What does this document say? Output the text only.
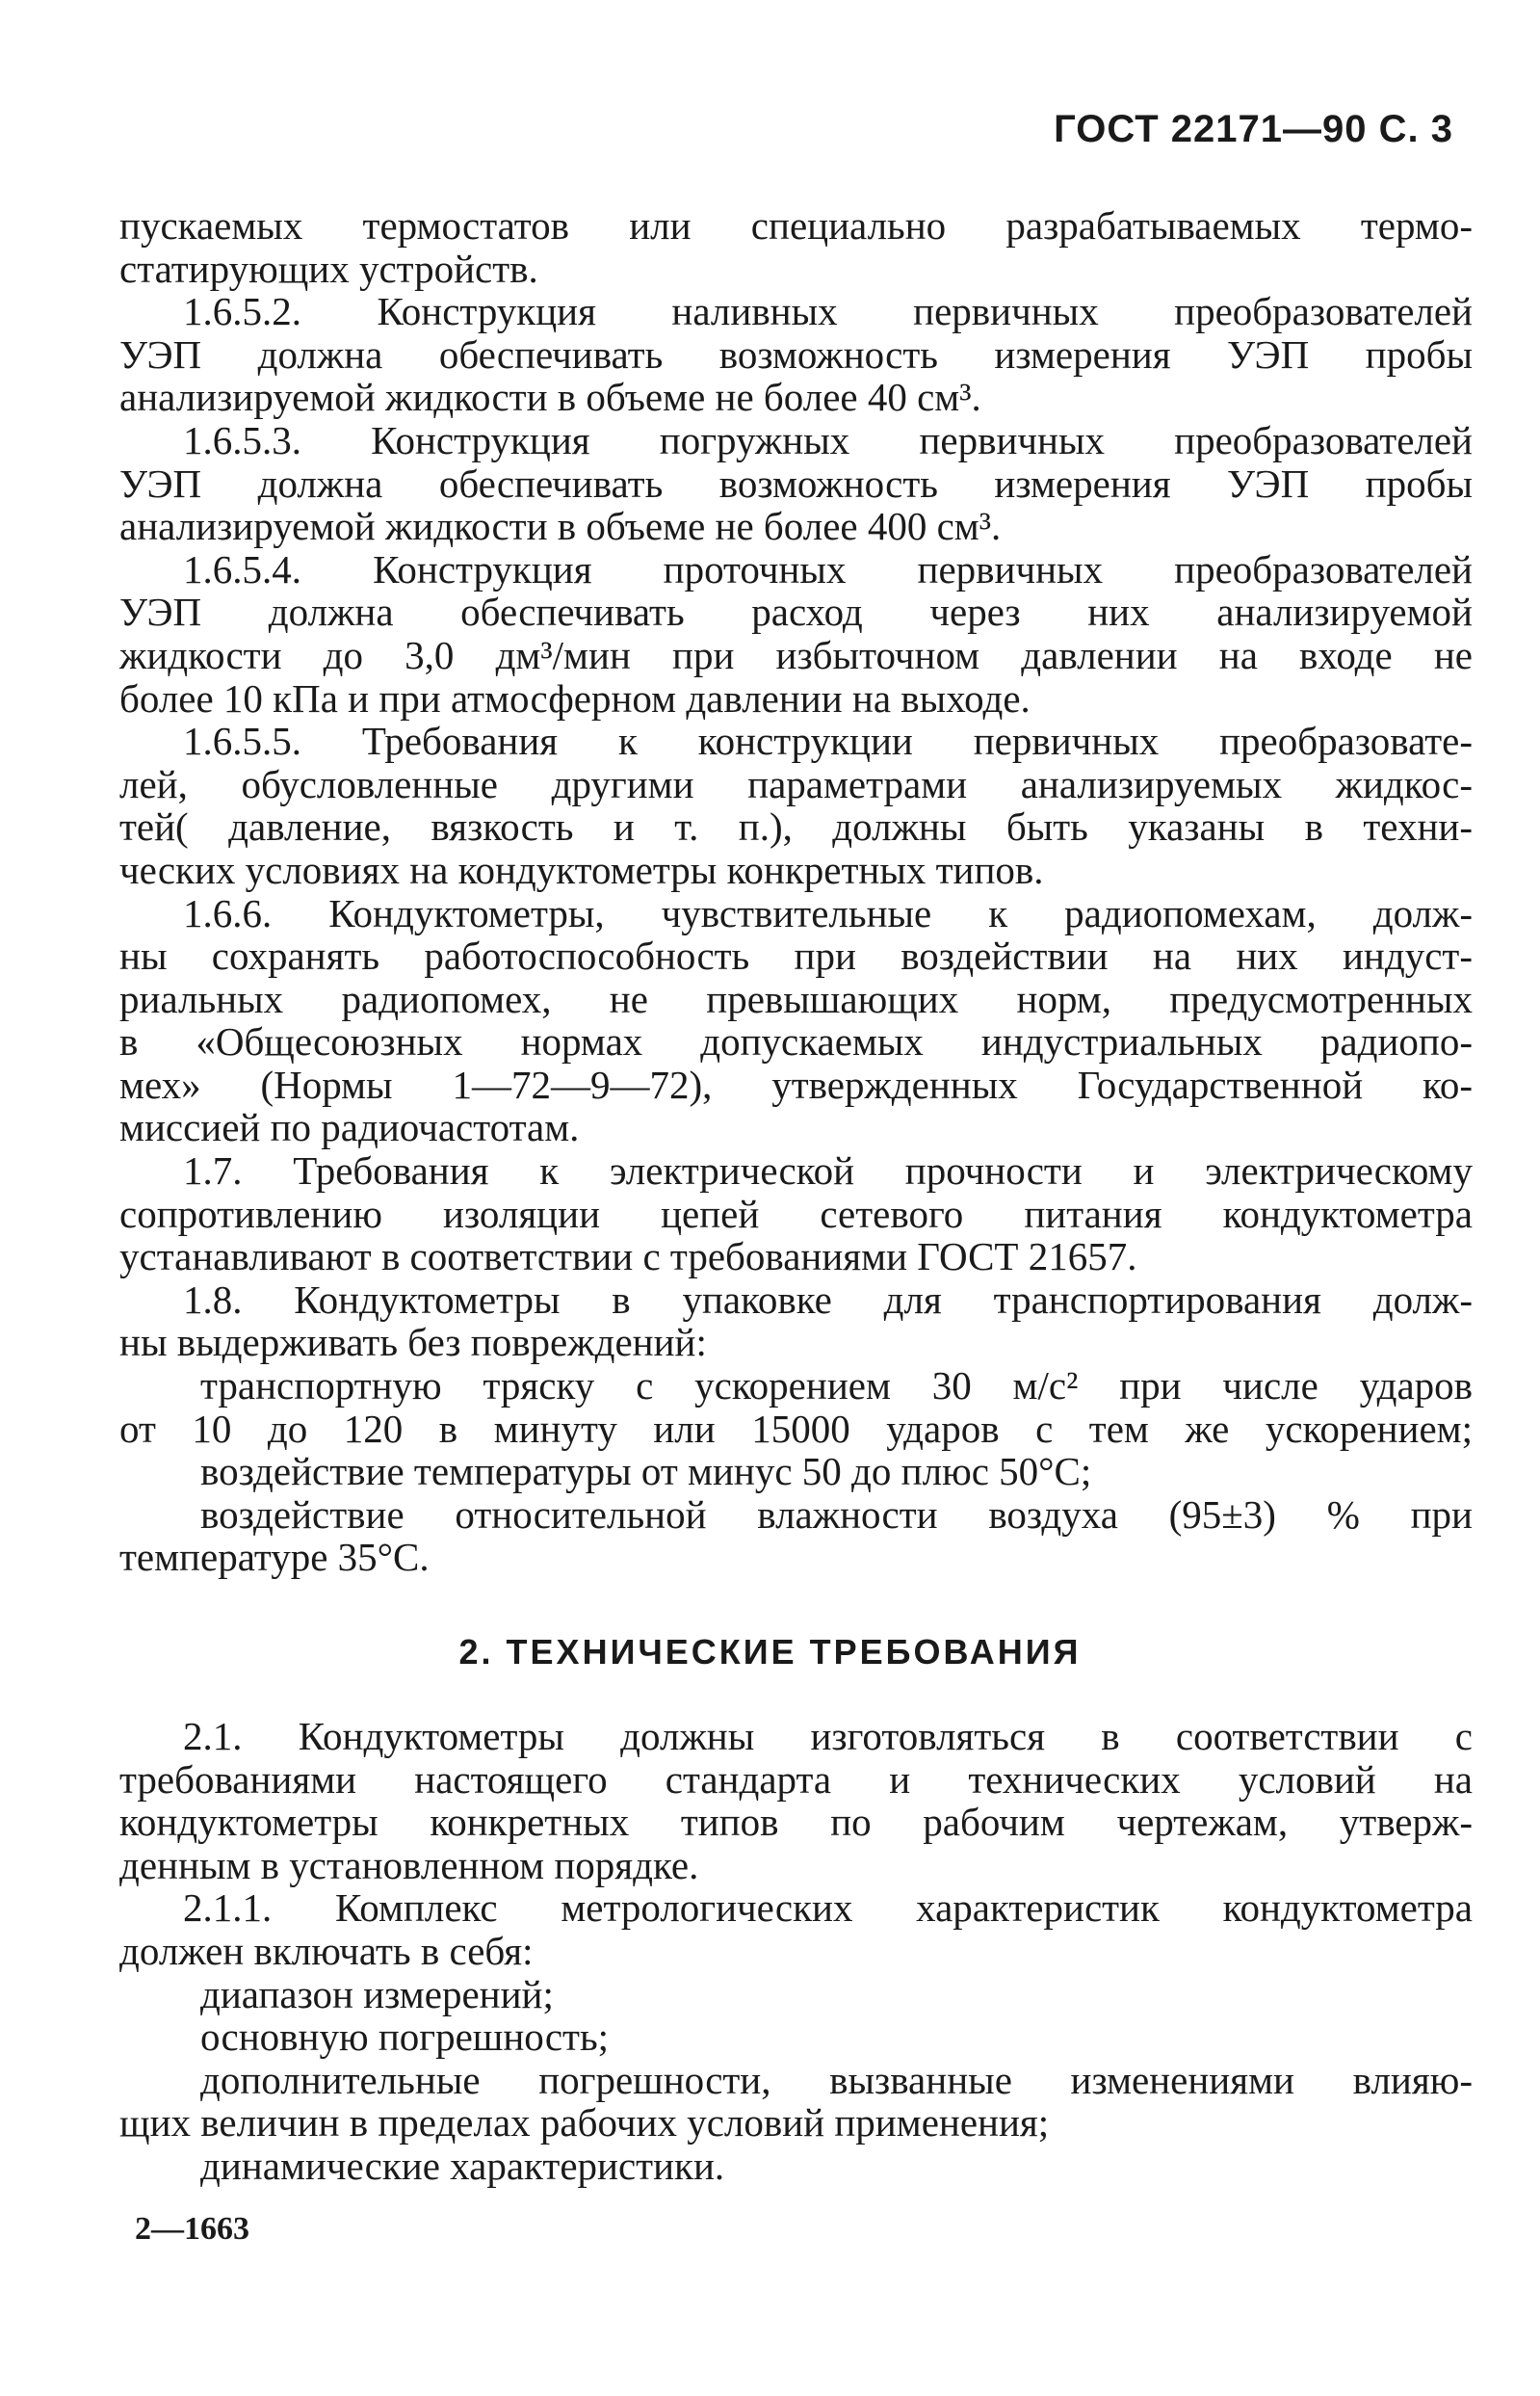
ГОСТ 22171—90 С. 3
пускаемых термостатов или специально разрабатываемых термо-
статирующих устройств.
1.6.5.2. Конструкция наливных первичных преобразователей
УЭП должна обеспечивать возможность измерения УЭП пробы
анализируемой жидкости в объеме не более 40 см³.
1.6.5.3. Конструкция погружных первичных преобразователей
УЭП должна обеспечивать возможность измерения УЭП пробы
анализируемой жидкости в объеме не более 400 см³.
1.6.5.4. Конструкция проточных первичных преобразователей
УЭП должна обеспечивать расход через них анализируемой
жидкости до 3,0 дм³/мин при избыточном давлении на входе не
более 10 кПа и при атмосферном давлении на выходе.
1.6.5.5. Требования к конструкции первичных преобразовате-
лей, обусловленные другими параметрами анализируемых жидкос-
тей( давление, вязкость и т. п.), должны быть указаны в техни-
ческих условиях на кондуктометры конкретных типов.
1.6.6. Кондуктометры, чувствительные к радиопомехам, долж-
ны сохранять работоспособность при воздействии на них индуст-
риальных радиопомех, не превышающих норм, предусмотренных
в «Общесоюзных нормах допускаемых индустриальных радиопо-
мех» (Нормы 1—72—9—72), утвержденных Государственной ко-
миссией по радиочастотам.
1.7. Требования к электрической прочности и электрическому
сопротивлению изоляции цепей сетевого питания кондуктометра
устанавливают в соответствии с требованиями ГОСТ 21657.
1.8. Кондуктометры в упаковке для транспортирования долж-
ны выдерживать без повреждений:
транспортную тряску с ускорением 30 м/с² при числе ударов
от 10 до 120 в минуту или 15000 ударов с тем же ускорением;
воздействие температуры от минус 50 до плюс 50°С;
воздействие относительной влажности воздуха (95±3) % при
температуре 35°С.
2. ТЕХНИЧЕСКИЕ ТРЕБОВАНИЯ
2.1. Кондуктометры должны изготовляться в соответствии с
требованиями настоящего стандарта и технических условий на
кондуктометры конкретных типов по рабочим чертежам, утверж-
денным в установленном порядке.
2.1.1. Комплекс метрологических характеристик кондуктометра
должен включать в себя:
диапазон измерений;
основную погрешность;
дополнительные погрешности, вызванные изменениями влияю-
щих величин в пределах рабочих условий применения;
динамические характеристики.
2—1663
